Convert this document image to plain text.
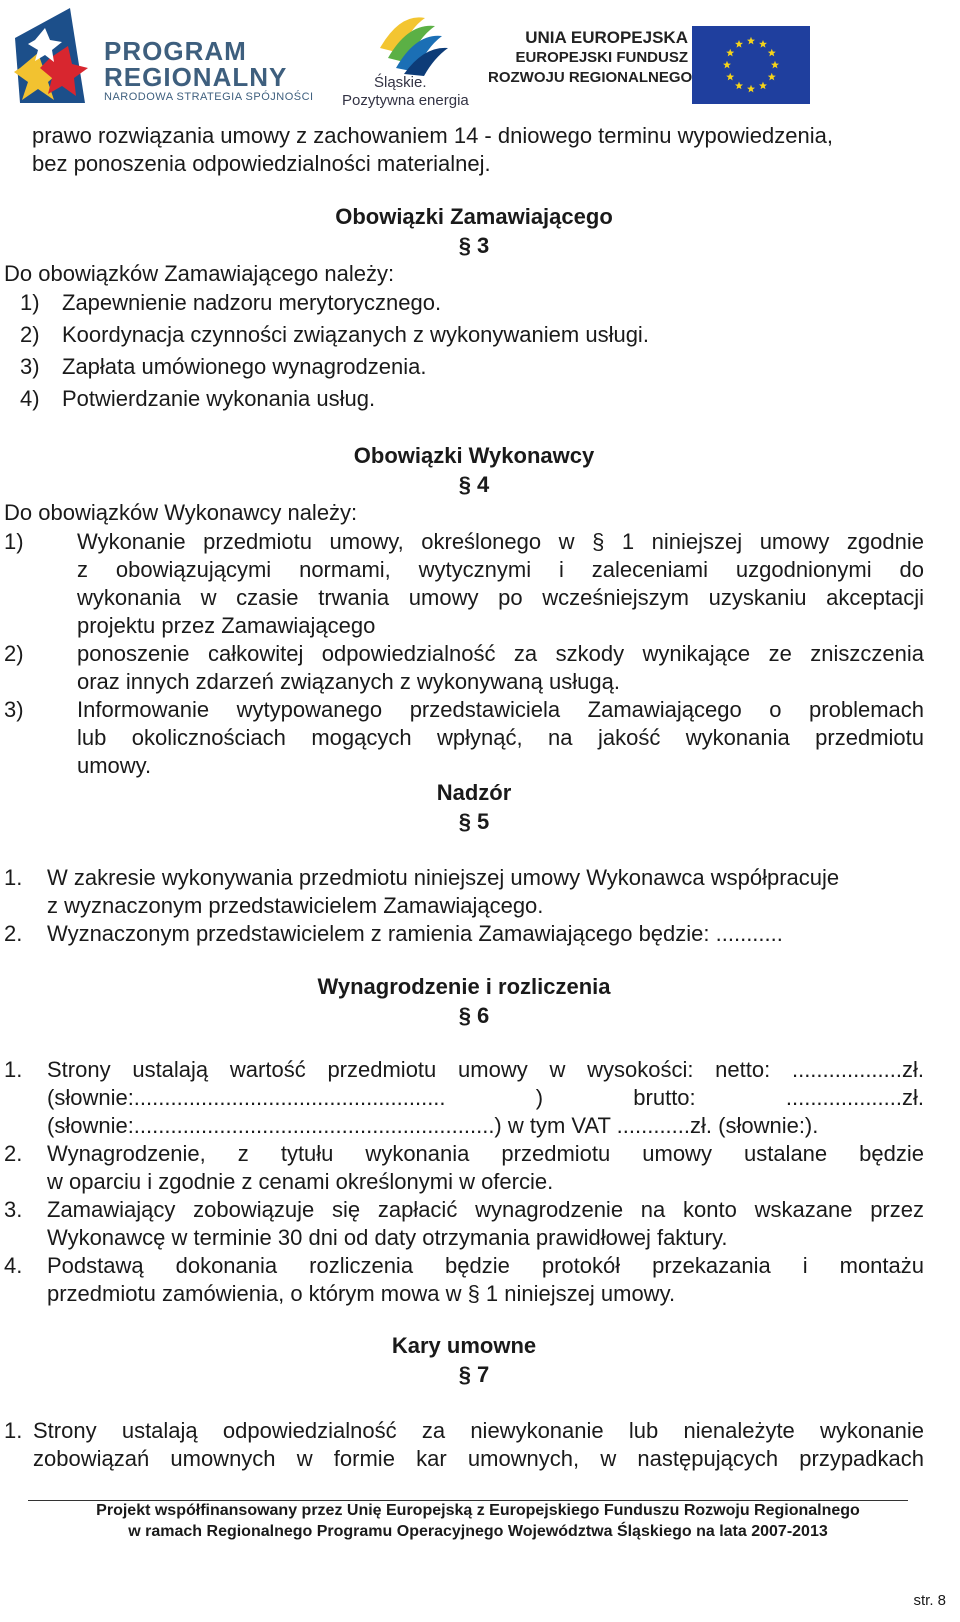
PROGRAM
REGIONALNY
NARODOWA STRATEGIA SPÓJNOŚCI
Śląskie.
Pozytywna energia
UNIA EUROPEJSKA
EUROPEJSKI FUNDUSZ
ROZWOJU REGIONALNEGO
prawo rozwiązania umowy z zachowaniem 14 - dniowego terminu wypowiedzenia,
bez ponoszenia odpowiedzialności materialnej.
Obowiązki Zamawiającego
§ 3
Do obowiązków Zamawiającego należy:
1) Zapewnienie nadzoru merytorycznego.
2) Koordynacja czynności związanych z wykonywaniem usługi.
3) Zapłata umówionego wynagrodzenia.
4) Potwierdzanie wykonania usług.
Obowiązki Wykonawcy
§ 4
Do obowiązków Wykonawcy należy:
1) Wykonanie przedmiotu umowy, określonego w § 1 niniejszej umowy zgodnie
z obowiązującymi normami, wytycznymi i zaleceniami uzgodnionymi do
wykonania w czasie trwania umowy po wcześniejszym uzyskaniu akceptacji
projektu przez Zamawiającego
2) ponoszenie całkowitej odpowiedzialność za szkody wynikające ze zniszczenia
oraz innych zdarzeń związanych z wykonywaną usługą.
3) Informowanie wytypowanego przedstawiciela Zamawiającego o problemach
lub okolicznościach mogących wpłynąć, na jakość wykonania przedmiotu
umowy.
Nadzór
§ 5
1. W zakresie wykonywania przedmiotu niniejszej umowy Wykonawca współpracuje
z wyznaczonym przedstawicielem Zamawiającego.
2. Wyznaczonym przedstawicielem z ramienia Zamawiającego będzie: ...........
Wynagrodzenie i rozliczenia
§ 6
1. Strony ustalają wartość przedmiotu umowy w wysokości: netto: ..................zł.
(słownie:................................................... ) brutto: ...................zł.
(słownie:...........................................................) w tym VAT ............zł. (słownie:).
2. Wynagrodzenie, z tytułu wykonania przedmiotu umowy ustalane będzie
w oparciu i zgodnie z cenami określonymi w ofercie.
3. Zamawiający zobowiązuje się zapłacić wynagrodzenie na konto wskazane przez
Wykonawcę w terminie 30 dni od daty otrzymania prawidłowej faktury.
4. Podstawą dokonania rozliczenia będzie protokół przekazania i montażu
przedmiotu zamówienia, o którym mowa w § 1 niniejszej umowy.
Kary umowne
§ 7
1. Strony ustalają odpowiedzialność za niewykonanie lub nienależyte wykonanie
zobowiązań umownych w formie kar umownych, w następujących przypadkach
Projekt współfinansowany przez Unię Europejską z Europejskiego Funduszu Rozwoju Regionalnego
w ramach Regionalnego Programu Operacyjnego Województwa Śląskiego na lata 2007-2013
str. 8
